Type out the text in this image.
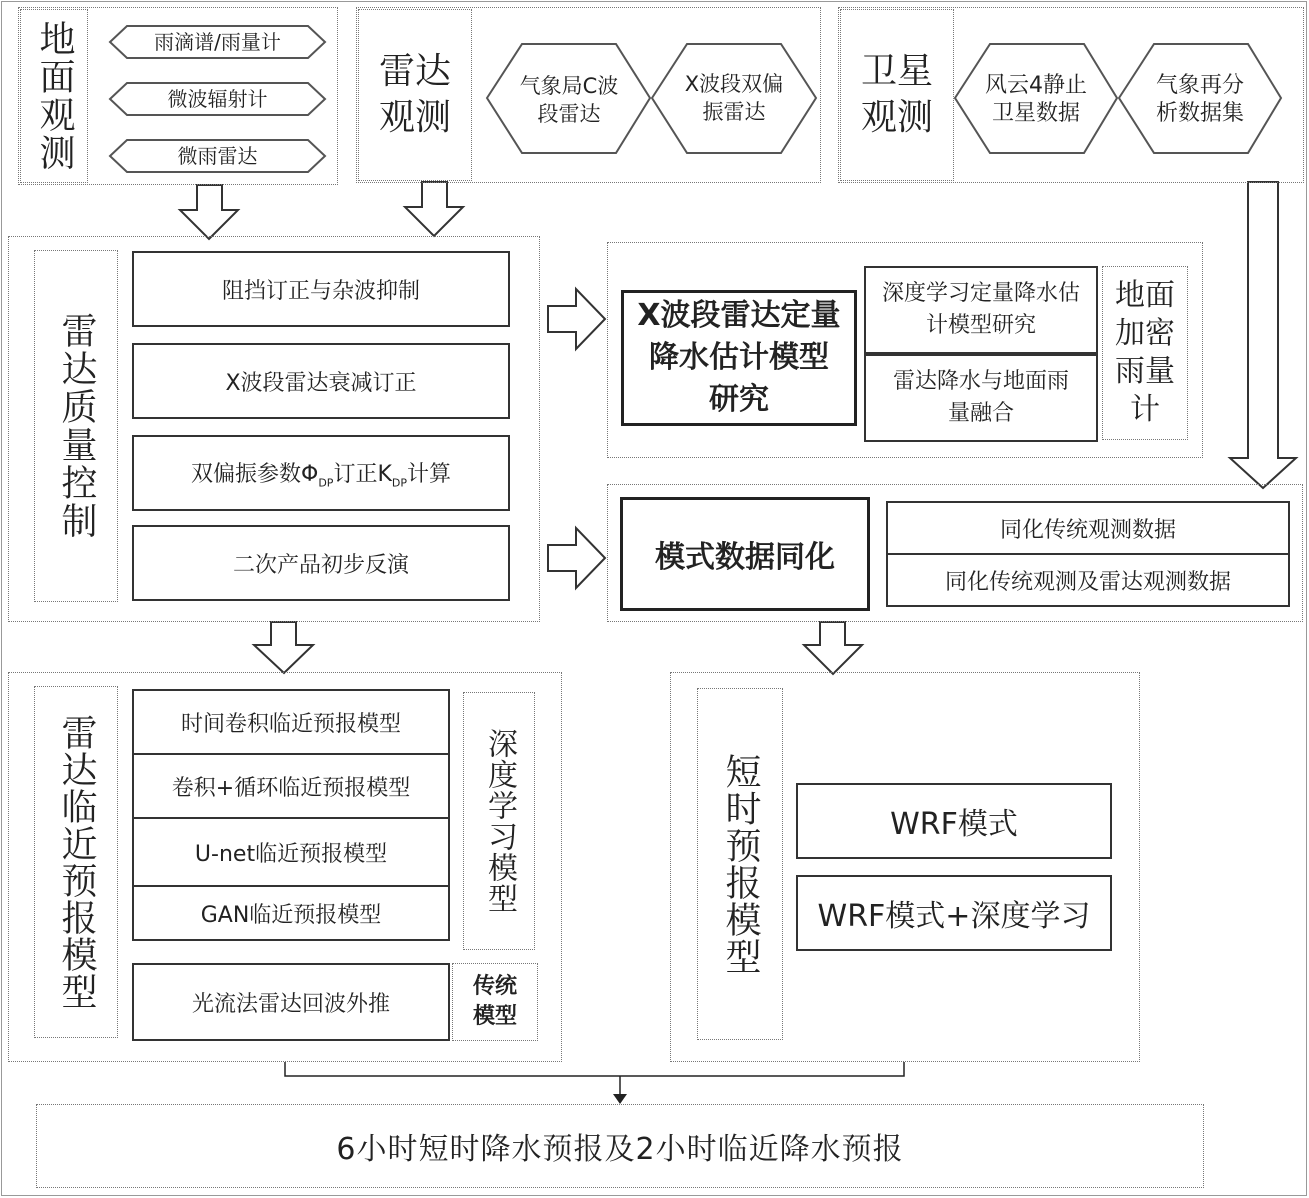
地面观测	雨滴谱/雨量计
微波辐射计
微雨雷达
雷达观测
气象局C波段雷达
X波段双偏振雷达
卫星观测
风云4静止卫星数据
气象再分析数据集
雷达质量控制
阻挡订正与杂波抑制
X波段雷达衰减订正
双偏振参数$\Phi_{DP}$订正$K_{DP}$计算
二次产品初步反演
X波段雷达定量降水估计模型研究
深度学习定量降水估计模型研究
雷达降水与地面雨量融合
地面加密雨量计
模式数据同化
同化传统观测数据
同化传统观测及雷达观测数据
雷达临近预报模型	时间卷积临近预报模型
卷积+循环临近预报模型
U-net临近预报模型
GAN临近预报模型
深度学习模型
光流法雷达回波外推
传统模型
短时预报模型	WRF模式
WRF模式+深度学习
6小时短时降水预报及2小时临近降水预报
